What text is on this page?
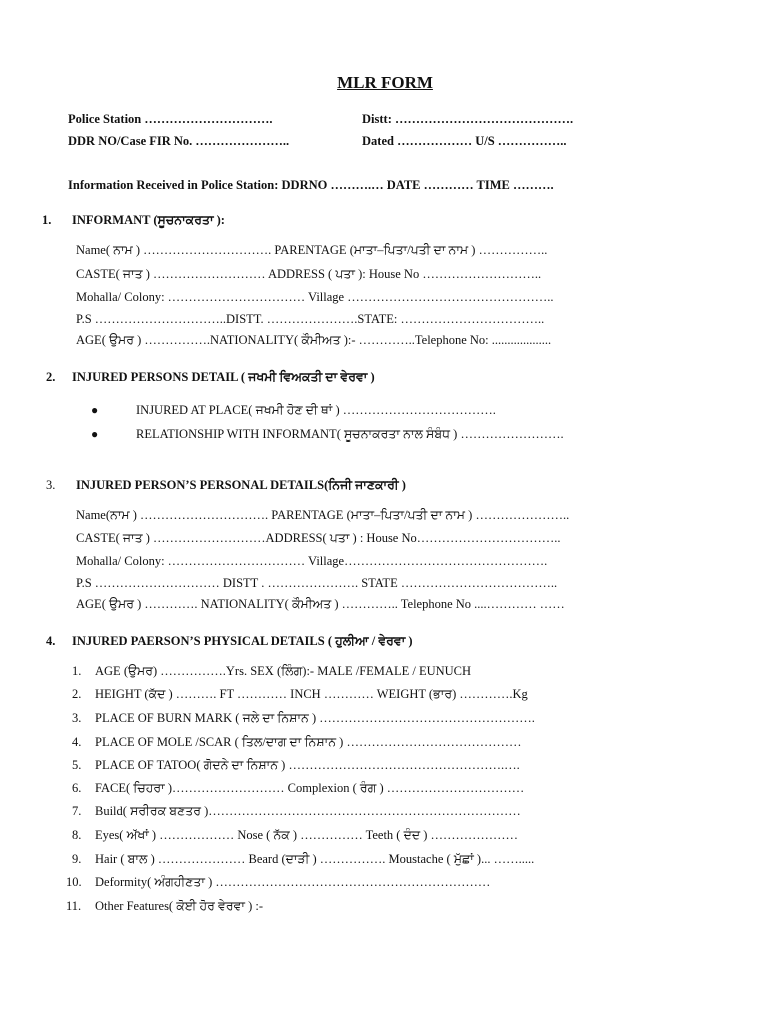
MLR FORM
Police Station ………………………….	Distt: …………………………………….
DDR NO/Case FIR No. …………………..	Dated ……………… U/S ……………..
Information Received in Police Station: DDRNO ……….… DATE ………… TIME ……….
1. INFORMANT (ਸੂਚਨਾਕਰਤਾ ):
Name( ਨਾਮ ) …………………………. PARENTAGE (ਮਾਤਾ–ਪਿਤਾ/ਪਤੀ ਦਾ ਨਾਮ ) ……………..
CASTE( ਜਾਤ ) ……………………… ADDRESS ( ਪਤਾ ): House No ………………………..
Mohalla/ Colony: …………………………… Village …………………………………………..
P.S …………………………..DISTT. ………………….STATE: ……………………………..
AGE( ਉਮਰ ) …………….NATIONALITY( ਕੌਮੀਅਤ ):- …………..Telephone No: ...................
2. INJURED PERSONS DETAIL ( ਜਖਮੀ ਵਿਅਕਤੀ ਦਾ ਵੇਰਵਾ )
●	INJURED AT PLACE( ਜਖਮੀ ਹੋਣ ਦੀ ਥਾਂ ) ……………………………….
●	RELATIONSHIP WITH INFORMANT( ਸੂਚਨਾਕਰਤਾ ਨਾਲ ਸੰਬੰਧ ) …………………….
3. INJURED PERSON’S PERSONAL DETAILS(ਨਿਜੀ ਜਾਣਕਾਰੀ )
Name(ਨਾਮ ) …………………………. PARENTAGE (ਮਾਤਾ–ਪਿਤਾ/ਪਤੀ ਦਾ ਨਾਮ ) …………………..
CASTE( ਜਾਤ ) ………………………ADDRESS( ਪਤਾ ) : House No……………………………..
Mohalla/ Colony: …………………………… Village………………………………………….
P.S ………………………… DISTT . …………………. STATE ………………………………..
AGE( ਉਮਰ ) …………. NATIONALITY( ਕੌਮੀਅਤ ) ………….. Telephone No ....………… ……
4. INJURED PAERSON’S PHYSICAL DETAILS ( ਹੁਲੀਆ / ਵੇਰਵਾ )
1. AGE (ਉਮਰ) …………….Yrs. SEX (ਲਿੰਗ):- MALE /FEMALE / EUNUCH
2. HEIGHT (ਕੱਦ ) ………. FT ………… INCH ………… WEIGHT (ਭਾਰ) ………….Kg
3. PLACE OF BURN MARK ( ਜਲੇ ਦਾ ਨਿਸ਼ਾਨ ) …………………………………………….
4. PLACE OF MOLE /SCAR ( ਤਿਲ/ਦਾਗ ਦਾ ਨਿਸ਼ਾਨ ) ……………………………………
5. PLACE OF TATOO( ਗੋਦਨੇ ਦਾ ਨਿਸ਼ਾਨ ) …………………………………………….….
6. FACE( ਚਿਹਰਾ )……………………… Complexion ( ਰੰਗ ) ……………………………
7. Build( ਸਰੀਰਕ ਬਣਤਰ )…………………………………………………………………
8. Eyes( ਅੱਖਾਂ ) ……………… Nose ( ਨੱਕ ) …………… Teeth ( ਦੰਦ ) …………………
9. Hair ( ਬਾਲ ) ………………… Beard (ਦਾੜੀ ) ……………. Moustache ( ਮੁੱਛਾਂ )... …….....
10. Deformity( ਅੰਗਹੀਣਤਾ ) …………………………………………………………
11. Other Features( ਕੋਈ ਹੋਰ ਵੇਰਵਾ ) :-
